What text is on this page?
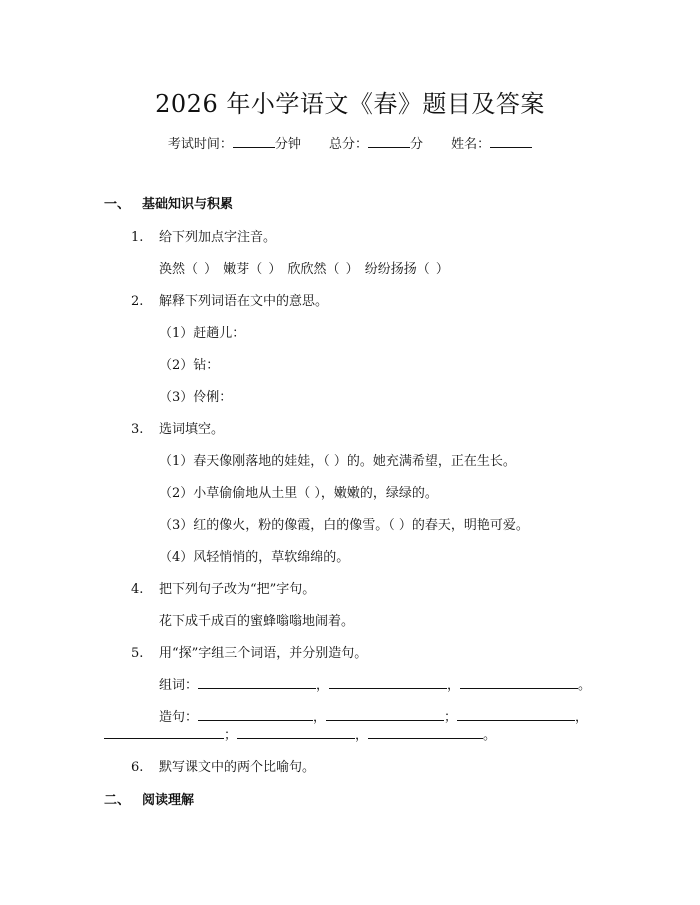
2026 年小学语文《春》题目及答案
考试时间：	分钟 总分：	分 姓名：
一、 基础知识与积累
1. 给下列加点字注音。
涣然（ ） 嫩芽（ ） 欣欣然（ ） 纷纷扬扬（ ）
2. 解释下列词语在文中的意思。
（1）赶趟儿：
（2）钻：
（3）伶俐：
3. 选词填空。
（1）春天像刚落地的娃娃，（ ）的。她充满希望，正在生长。
（2）小草偷偷地从土里（ ），嫩嫩的，绿绿的。
（3）红的像火，粉的像霞，白的像雪。（ ）的春天，明艳可爱。
（4）风轻悄悄的，草软绵绵的。
4. 把下列句子改为“把”字句。
花下成千成百的蜜蜂嗡嗡地闹着。
5. 用“探”字组三个词语，并分别造句。
组词：	，	，	。
造句：	，	；	，
；	，	。
6. 默写课文中的两个比喻句。
二、 阅读理解
